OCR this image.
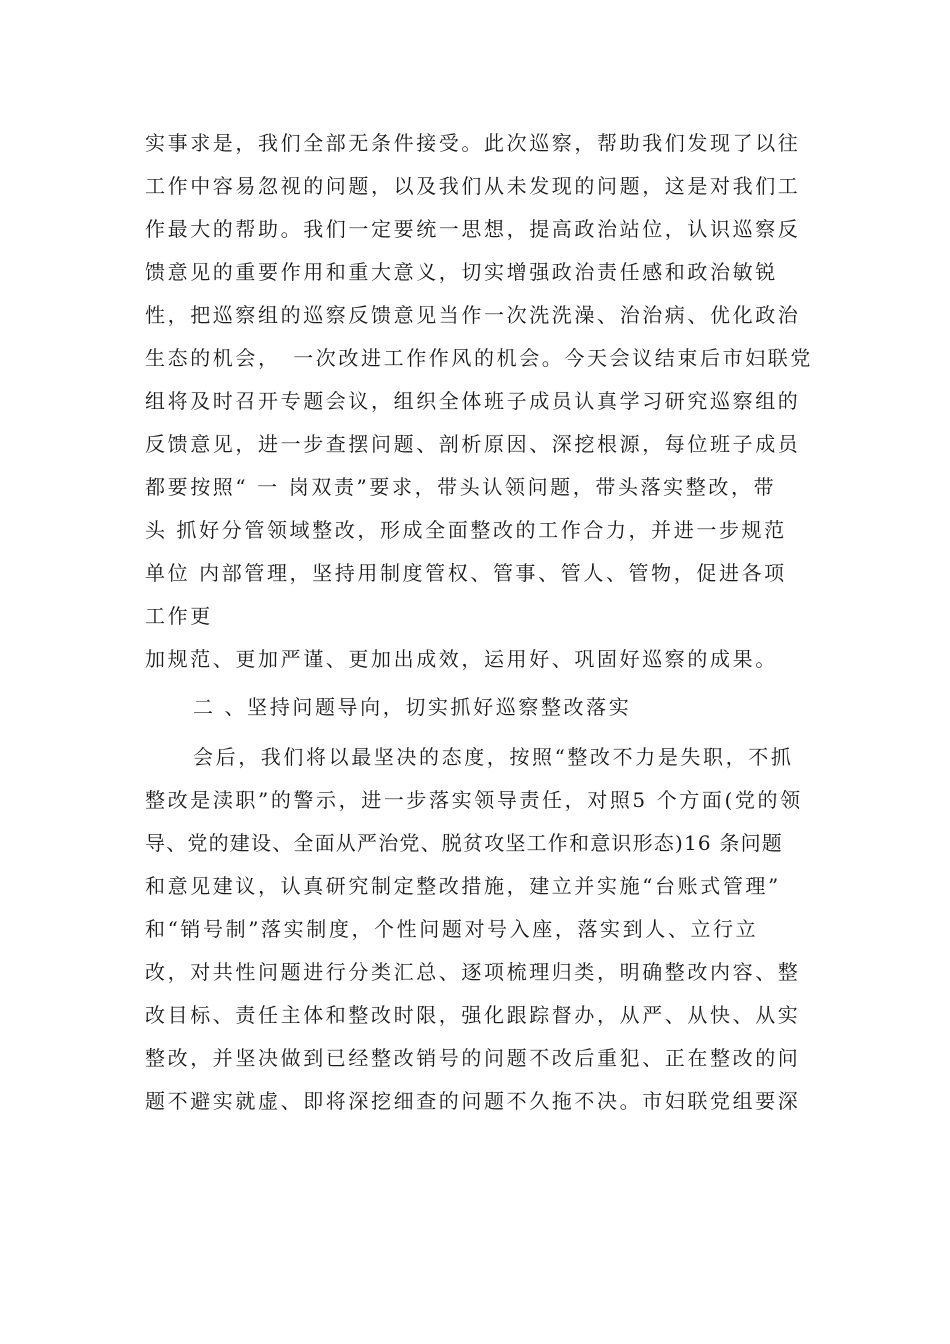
实事求是，我们全部无条件接受。此次巡察，帮助我们发现了以往
工作中容易忽视的问题，以及我们从未发现的问题，这是对我们工
作最大的帮助。我们一定要统一思想，提高政治站位，认识巡察反
馈意见的重要作用和重大意义，切实增强政治责任感和政治敏锐
性，把巡察组的巡察反馈意见当作一次洗洗澡、治治病、优化政治
生态的机会，　一次改进工作作风的机会。今天会议结束后市妇联党
组将及时召开专题会议，组织全体班子成员认真学习研究巡察组的
反馈意见，进一步查摆问题、剖析原因、深挖根源，每位班子成员
都要按照“ 一 岗双责”要求，带头认领问题，带头落实整改，带
头 抓好分管领域整改，形成全面整改的工作合力，并进一步规范
单位 内部管理，坚持用制度管权、管事、管人、管物，促进各项
工作更
加规范、更加严谨、更加出成效，运用好、巩固好巡察的成果。
二 、坚持问题导向，切实抓好巡察整改落实
会后，我们将以最坚决的态度，按照“整改不力是失职，不抓
整改是渎职”的警示，进一步落实领导责任，对照5 个方面(党的领
导、党的建设、全面从严治党、脱贫攻坚工作和意识形态)16 条问题
和意见建议，认真研究制定整改措施，建立并实施“台账式管理”
和“销号制”落实制度，个性问题对号入座，落实到人、立行立
改，对共性问题进行分类汇总、逐项梳理归类，明确整改内容、整
改目标、责任主体和整改时限，强化跟踪督办，从严、从快、从实
整改，并坚决做到已经整改销号的问题不改后重犯、正在整改的问
题不避实就虚、即将深挖细查的问题不久拖不决。市妇联党组要深
